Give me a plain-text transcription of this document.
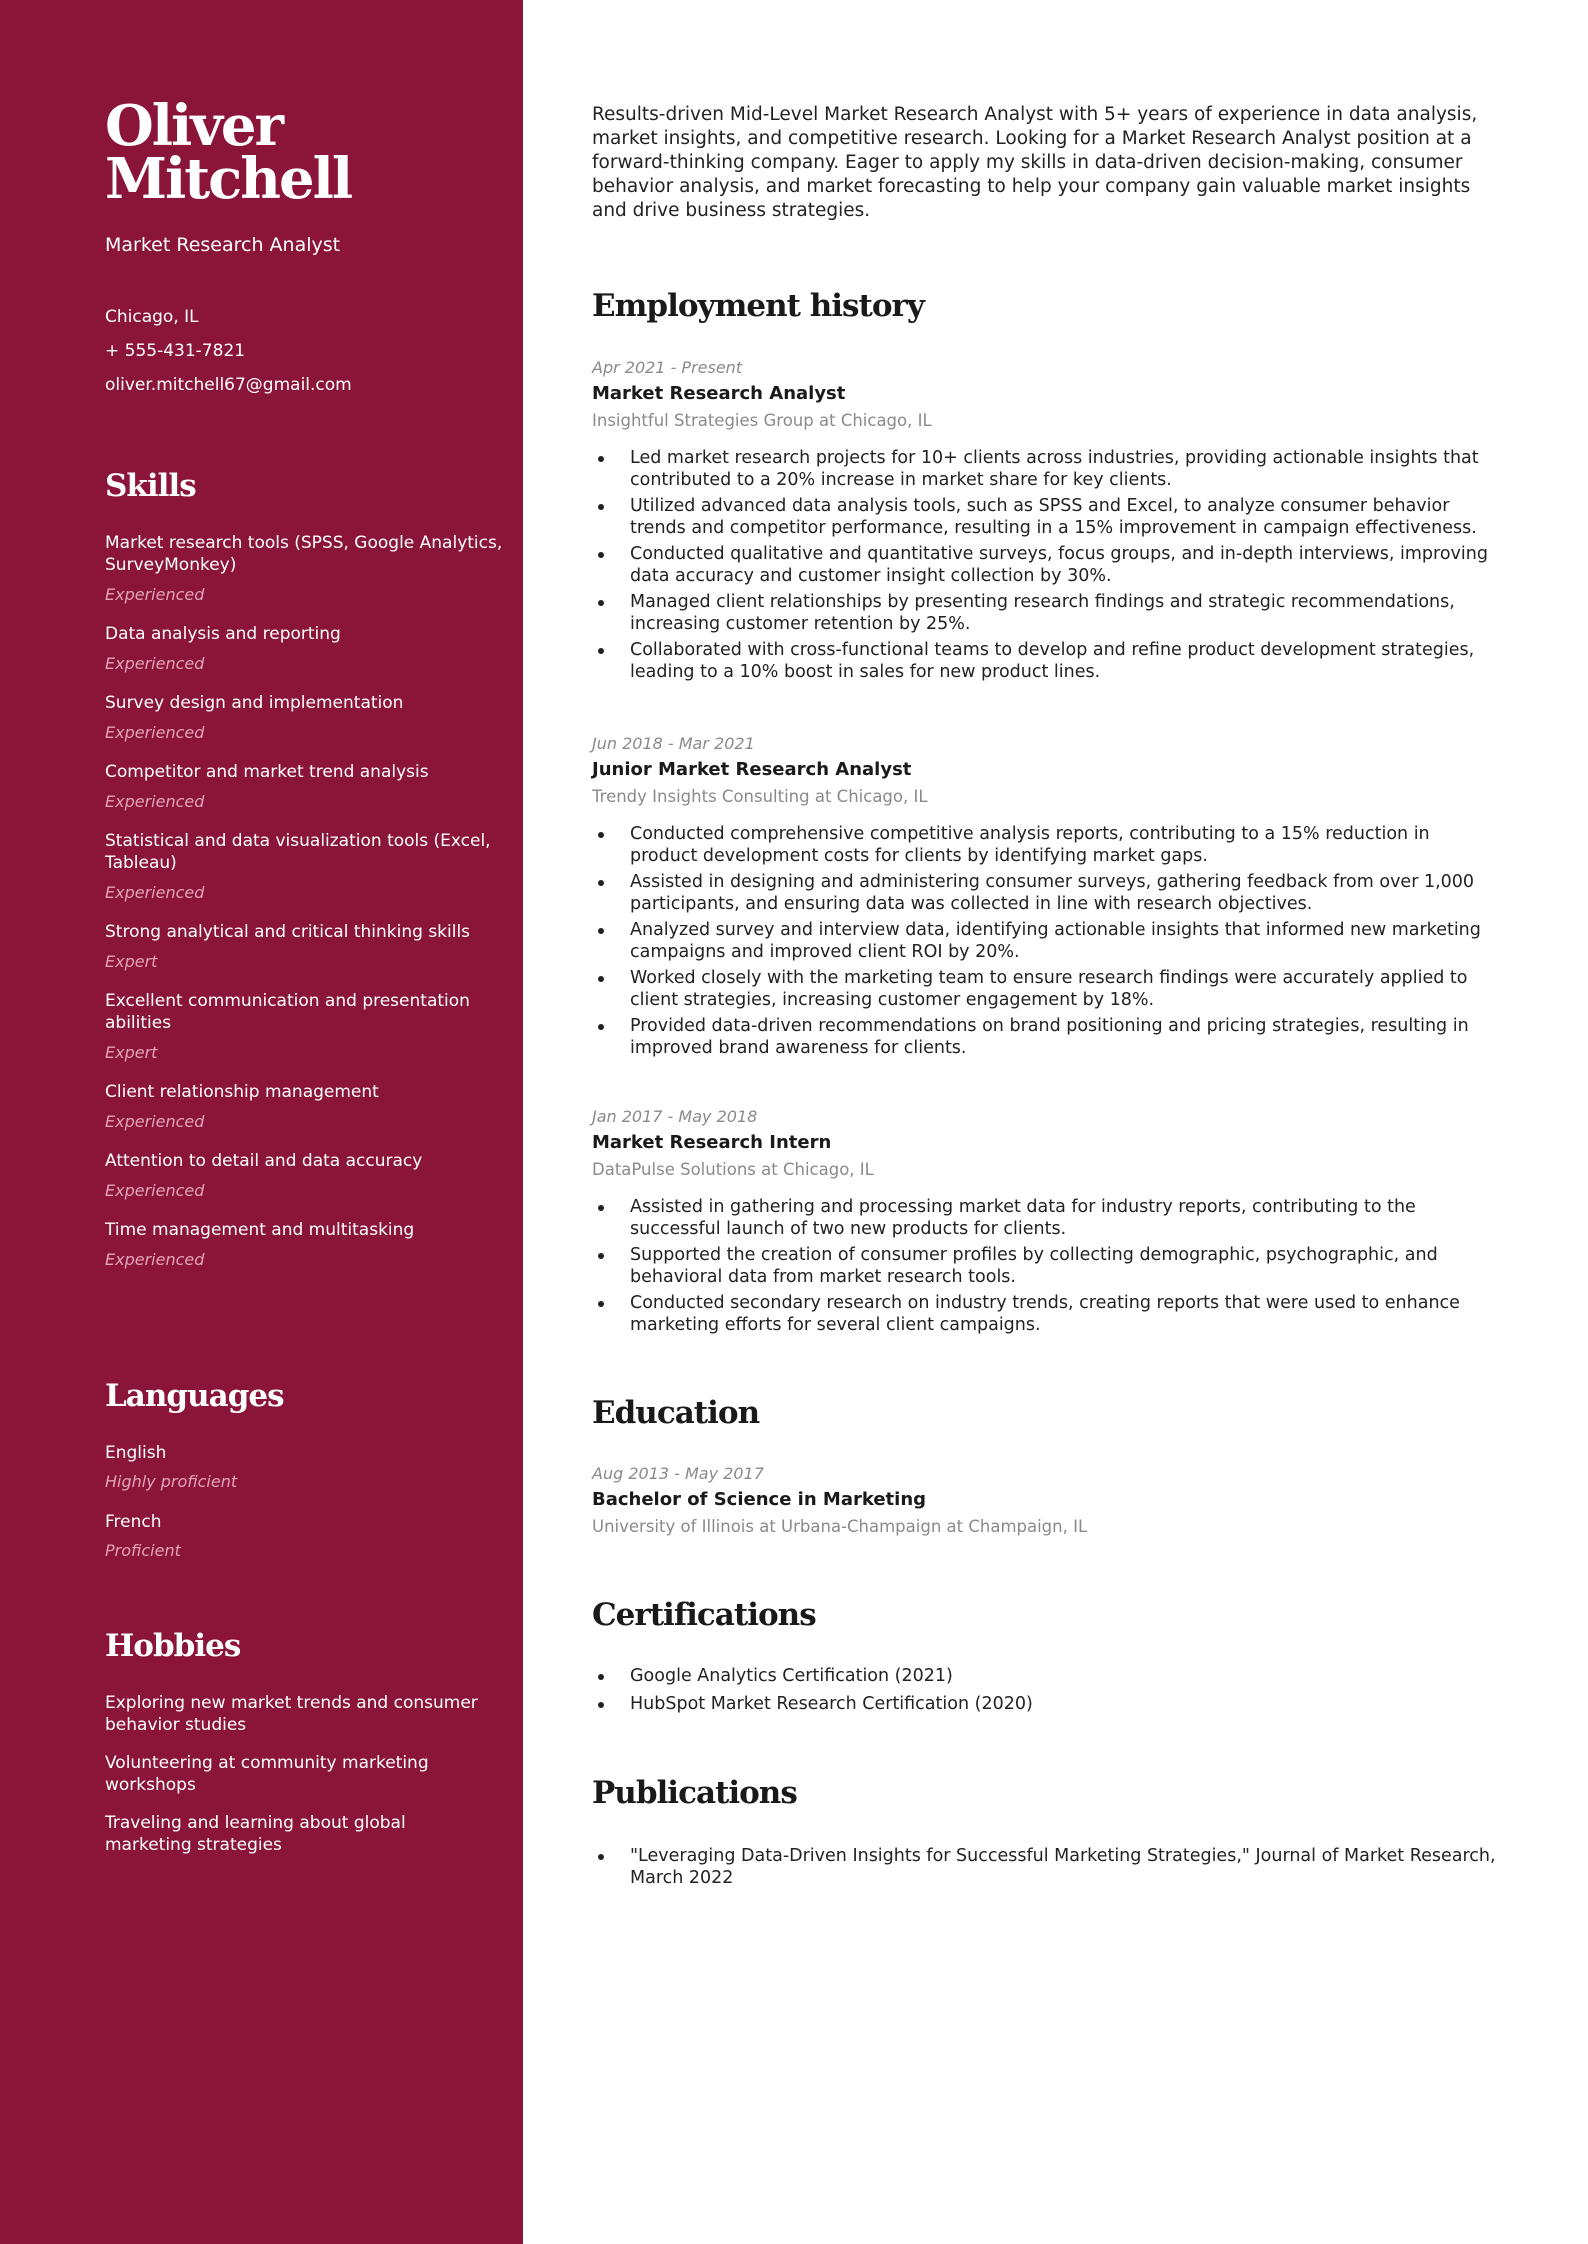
Oliver
Mitchell
Market Research Analyst
Chicago, IL
+ 555-431-7821
oliver.mitchell67@gmail.com
Skills
Market research tools (SPSS, Google Analytics, SurveyMonkey)
Experienced
Data analysis and reporting
Experienced
Survey design and implementation
Experienced
Competitor and market trend analysis
Experienced
Statistical and data visualization tools (Excel, Tableau)
Experienced
Strong analytical and critical thinking skills
Expert
Excellent communication and presentation abilities
Expert
Client relationship management
Experienced
Attention to detail and data accuracy
Experienced
Time management and multitasking
Experienced
Languages
English
Highly proficient
French
Proficient
Hobbies
Exploring new market trends and consumer behavior studies
Volunteering at community marketing workshops
Traveling and learning about global marketing strategies

Results-driven Mid-Level Market Research Analyst with 5+ years of experience in data analysis, market insights, and competitive research. Looking for a Market Research Analyst position at a forward-thinking company. Eager to apply my skills in data-driven decision-making, consumer behavior analysis, and market forecasting to help your company gain valuable market insights and drive business strategies.

Employment history
Apr 2021 - Present
Market Research Analyst
Insightful Strategies Group at Chicago, IL
Led market research projects for 10+ clients across industries, providing actionable insights that contributed to a 20% increase in market share for key clients.
Utilized advanced data analysis tools, such as SPSS and Excel, to analyze consumer behavior trends and competitor performance, resulting in a 15% improvement in campaign effectiveness.
Conducted qualitative and quantitative surveys, focus groups, and in-depth interviews, improving data accuracy and customer insight collection by 30%.
Managed client relationships by presenting research findings and strategic recommendations, increasing customer retention by 25%.
Collaborated with cross-functional teams to develop and refine product development strategies, leading to a 10% boost in sales for new product lines.
Jun 2018 - Mar 2021
Junior Market Research Analyst
Trendy Insights Consulting at Chicago, IL
Conducted comprehensive competitive analysis reports, contributing to a 15% reduction in product development costs for clients by identifying market gaps.
Assisted in designing and administering consumer surveys, gathering feedback from over 1,000 participants, and ensuring data was collected in line with research objectives.
Analyzed survey and interview data, identifying actionable insights that informed new marketing campaigns and improved client ROI by 20%.
Worked closely with the marketing team to ensure research findings were accurately applied to client strategies, increasing customer engagement by 18%.
Provided data-driven recommendations on brand positioning and pricing strategies, resulting in improved brand awareness for clients.
Jan 2017 - May 2018
Market Research Intern
DataPulse Solutions at Chicago, IL
Assisted in gathering and processing market data for industry reports, contributing to the successful launch of two new products for clients.
Supported the creation of consumer profiles by collecting demographic, psychographic, and behavioral data from market research tools.
Conducted secondary research on industry trends, creating reports that were used to enhance marketing efforts for several client campaigns.
Education
Aug 2013 - May 2017
Bachelor of Science in Marketing
University of Illinois at Urbana-Champaign at Champaign, IL
Certifications
Google Analytics Certification (2021)
HubSpot Market Research Certification (2020)
Publications
"Leveraging Data-Driven Insights for Successful Marketing Strategies," Journal of Market Research, March 2022
